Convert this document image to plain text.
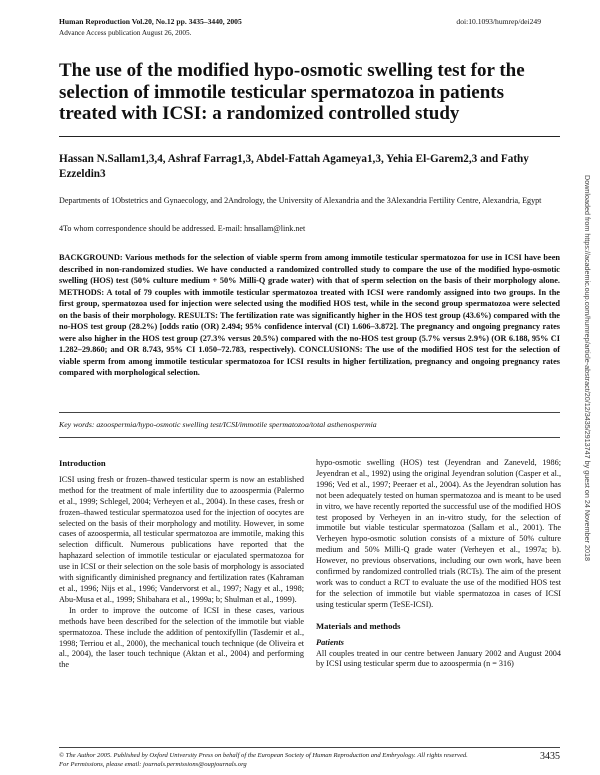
Human Reproduction Vol.20, No.12 pp. 3435–3440, 2005
Advance Access publication August 26, 2005.
doi:10.1093/humrep/dei249
The use of the modified hypo-osmotic swelling test for the selection of immotile testicular spermatozoa in patients treated with ICSI: a randomized controlled study
Hassan N.Sallam1,3,4, Ashraf Farrag1,3, Abdel-Fattah Agameya1,3, Yehia El-Garem2,3 and Fathy Ezzeldin3
Departments of 1Obstetrics and Gynaecology, and 2Andrology, the University of Alexandria and the 3Alexandria Fertility Centre, Alexandria, Egypt
4To whom correspondence should be addressed. E-mail: hnsallam@link.net
BACKGROUND: Various methods for the selection of viable sperm from among immotile testicular spermatozoa for use in ICSI have been described in non-randomized studies. We have conducted a randomized controlled study to compare the use of the modified hypo-osmotic swelling (HOS) test (50% culture medium + 50% Milli-Q grade water) with that of sperm selection on the basis of their morphology alone. METHODS: A total of 79 couples with immotile testicular spermatozoa treated with ICSI were randomly assigned into two groups. In the first group, spermatozoa used for injection were selected using the modified HOS test, while in the second group spermatozoa were selected on the basis of their morphology. RESULTS: The fertilization rate was significantly higher in the HOS test group (43.6%) compared with the no-HOS test group (28.2%) [odds ratio (OR) 2.494; 95% confidence interval (CI) 1.606–3.872]. The pregnancy and ongoing pregnancy rates were also higher in the HOS test group (27.3% versus 20.5%) compared with the no-HOS test group (5.7% versus 2.9%) (OR 6.188, 95% CI 1.282–29.860; and OR 8.743, 95% CI 1.050–72.783, respectively). CONCLUSIONS: The use of the modified HOS test for the selection of viable sperm from among immotile testicular spermatozoa for ICSI results in higher fertilization, pregnancy and ongoing pregnancy rates compared with morphological selection.
Key words: azoospermia/hypo-osmotic swelling test/ICSI/immotile spermatozoa/total asthenospermia
Introduction
ICSI using fresh or frozen–thawed testicular sperm is now an established method for the treatment of male infertility due to azoospermia (Palermo et al., 1999; Schlegel, 2004; Verheyen et al., 2004). In these cases, fresh or frozen–thawed testicular spermatozoa used for the injection of oocytes are selected on the basis of their morphology and motility. However, in some cases of azoospermia, all testicular spermatozoa are immotile, making this selection difficult. Numerous publications have reported that the haphazard selection of immotile testicular or ejaculated spermatozoa for use in ICSI or their selection on the sole basis of morphology is associated with significantly diminished pregnancy and fertilization rates (Kahraman et al., 1996; Nijs et al., 1996; Vandervorst et al., 1997; Nagy et al., 1998; Abu-Musa et al., 1999; Shibahara et al., 1999a; b; Shulman et al., 1999).
In order to improve the outcome of ICSI in these cases, various methods have been described for the selection of the immotile but viable spermatozoa. These include the addition of pentoxifyllin (Tasdemir et al., 1998; Terriou et al., 2000), the mechanical touch technique (de Oliveira et al., 2004), the laser touch technique (Aktan et al., 2004) and performing the
hypo-osmotic swelling (HOS) test (Jeyendran and Zaneveld, 1986; Jeyendran et al., 1992) using the original Jeyendran solution (Casper et al., 1996; Ved et al., 1997; Peeraer et al., 2004). As the Jeyendran solution has not been adequately tested on human spermatozoa and is meant to be used in vitro, we have recently reported the successful use of the modified HOS test proposed by Verheyen in an in-vitro study, for the selection of immotile but viable testicular spermatozoa (Sallam et al., 2001). The Verheyen hypo-osmotic solution consists of a mixture of 50% culture medium and 50% Milli-Q grade water (Verheyen et al., 1997a; b). However, no previous observations, including our own work, have been confirmed by randomized controlled trials (RCTs). The aim of the present work was to conduct a RCT to evaluate the use of the modified HOS test for the selection of immotile but viable spermatozoa in cases of ICSI using testicular sperm (TeSE-ICSI).
Materials and methods
Patients
All couples treated in our centre between January 2002 and August 2004 by ICSI using testicular sperm due to azoospermia (n = 316)
© The Author 2005. Published by Oxford University Press on behalf of the European Society of Human Reproduction and Embryology. All rights reserved.
For Permissions, please email: journals.permissions@oupjournals.org
3435
Downloaded from https://academic.oup.com/humrep/article-abstract/20/12/3435/2913747 by guest on 24 November 2018
